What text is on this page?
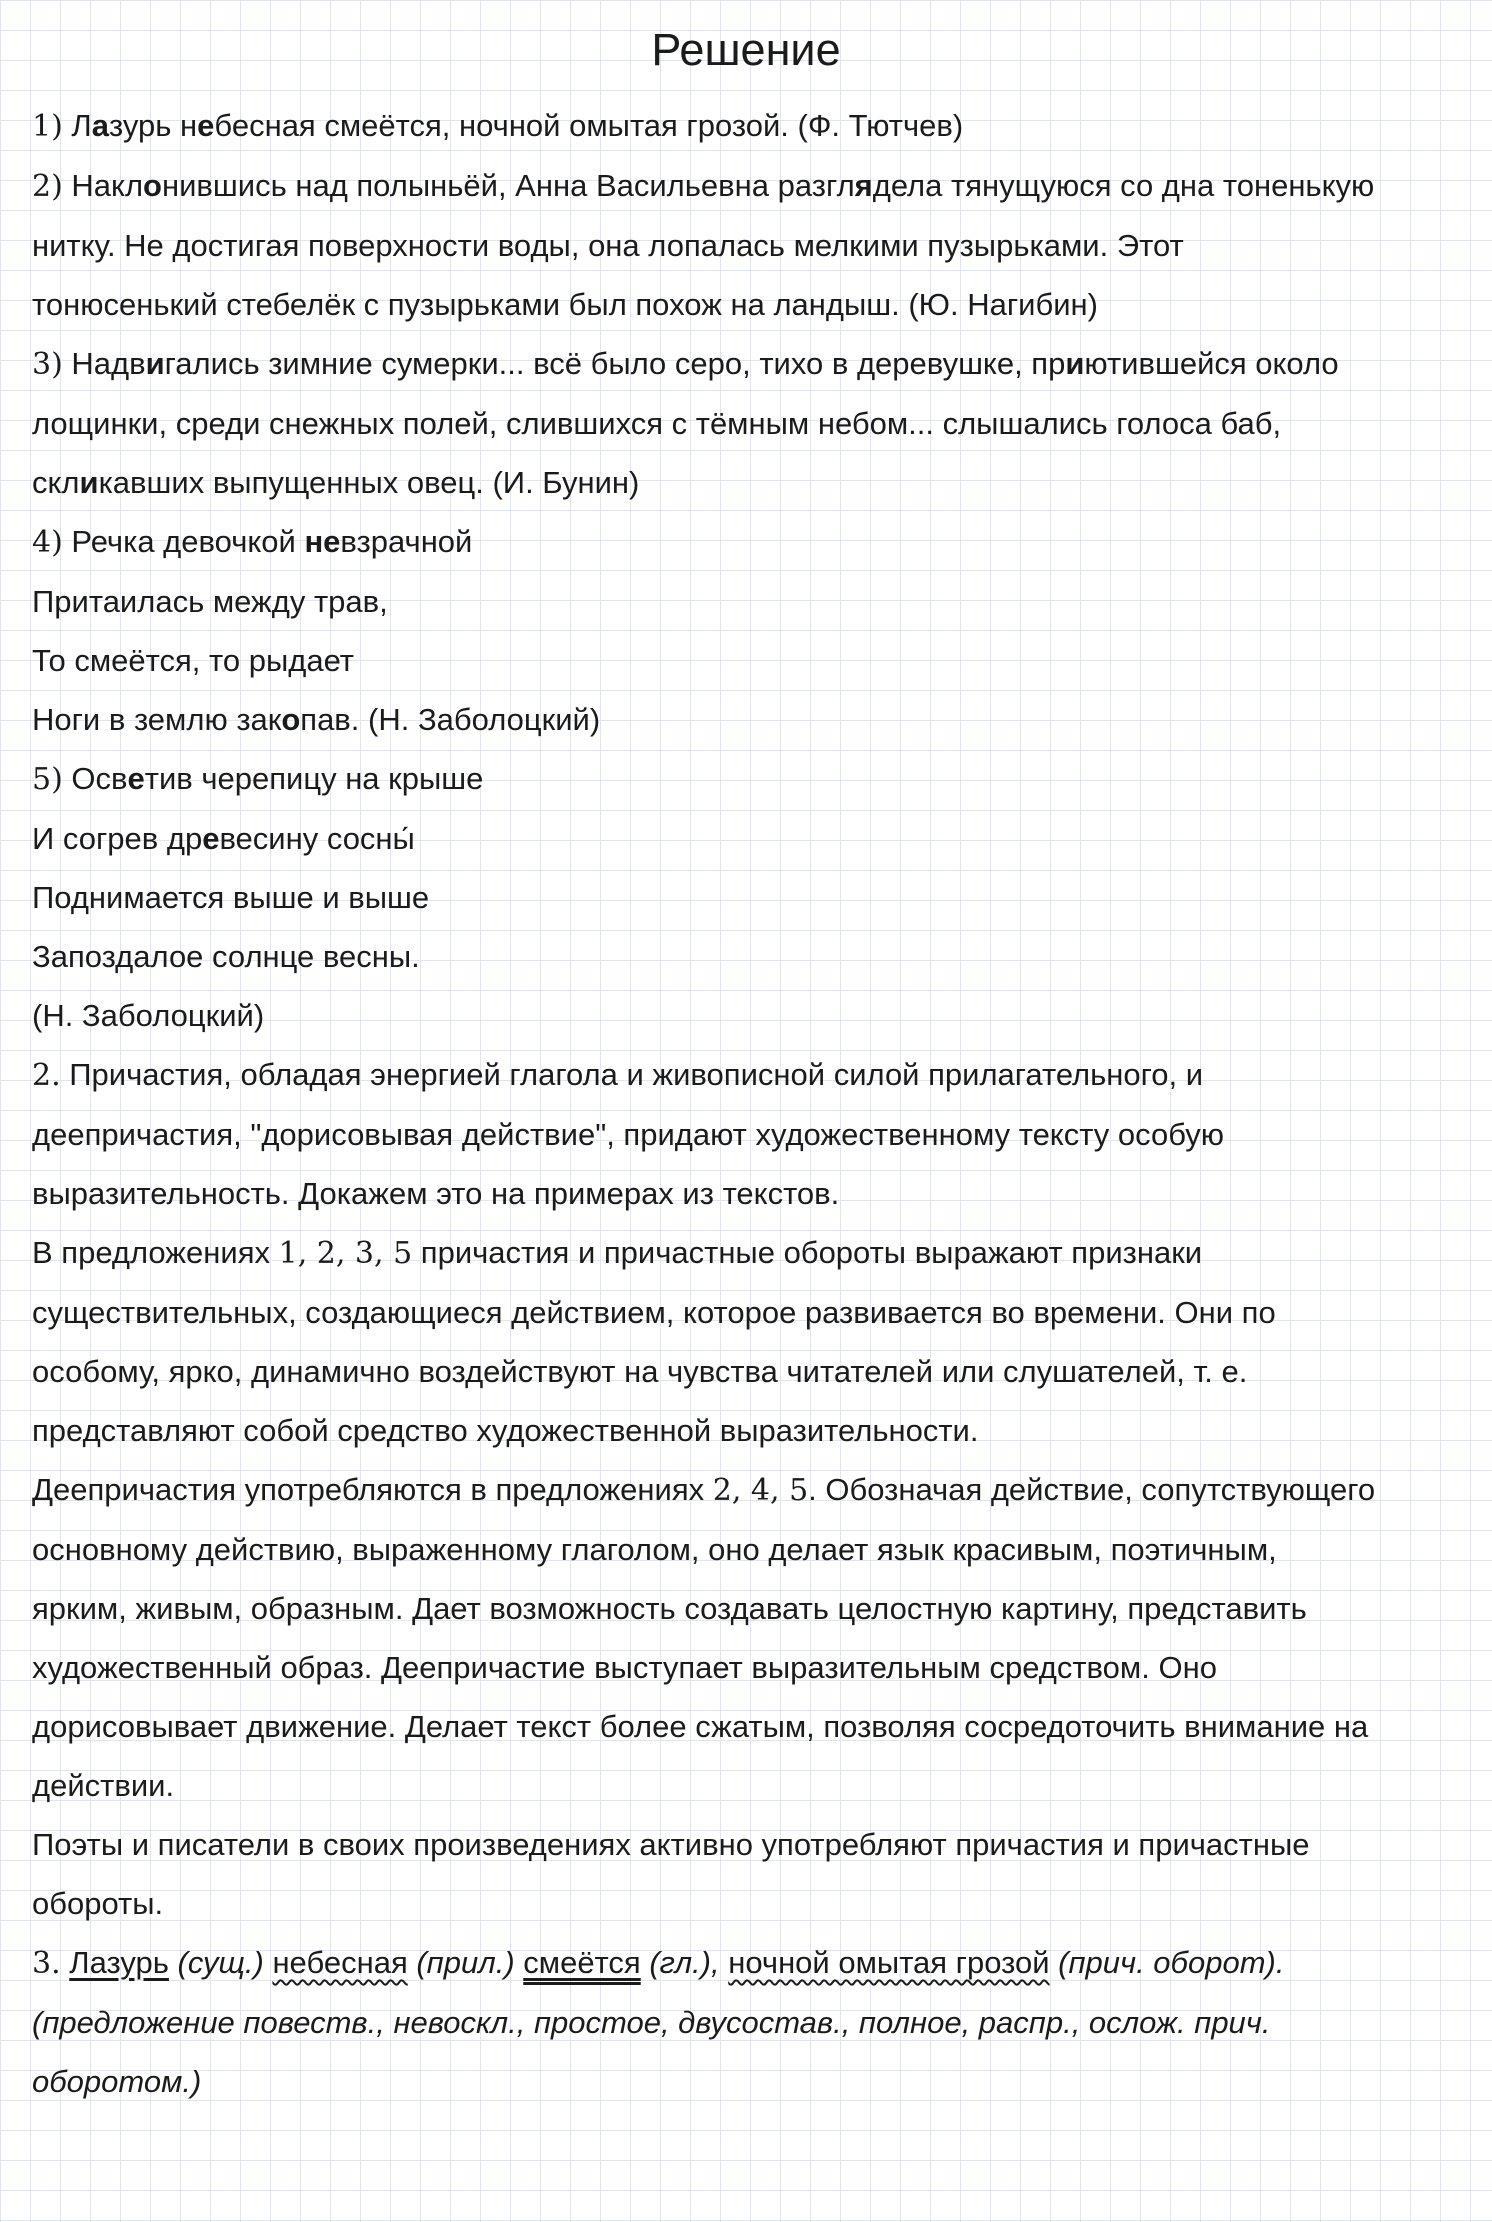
Решение
1) Лазурь небесная смеётся, ночной омытая грозой. (Ф. Тютчев)
2) Наклонившись над полыньёй, Анна Васильевна разглядела тянущуюся со дна тоненькую
нитку. Не достигая поверхности воды, она лопалась мелкими пузырьками. Этот
тонюсенький стебелёк с пузырьками был похож на ландыш. (Ю. Нагибин)
3) Надвигались зимние сумерки... всё было серо, тихо в деревушке, приютившейся около
лощинки, среди снежных полей, слившихся с тёмным небом... слышались голоса баб,
скликавших выпущенных овец. (И. Бунин)
4) Речка девочкой невзрачной
Притаилась между трав,
То смеётся, то рыдает
Ноги в землю закопав. (Н. Заболоцкий)
5) Осветив черепицу на крыше
И согрев древесину сосны́
Поднимается выше и выше
Запоздалое солнце весны.
(Н. Заболоцкий)
2. Причастия, обладая энергией глагола и живописной силой прилагательного, и
деепричастия, "дорисовывая действие", придают художественному тексту особую
выразительность. Докажем это на примерах из текстов.
В предложениях 1, 2, 3, 5 причастия и причастные обороты выражают признаки
существительных, создающиеся действием, которое развивается во времени. Они по
особому, ярко, динамично воздействуют на чувства читателей или слушателей, т. е.
представляют собой средство художественной выразительности.
Деепричастия употребляются в предложениях 2, 4, 5. Обозначая действие, сопутствующего
основному действию, выраженному глаголом, оно делает язык красивым, поэтичным,
ярким, живым, образным. Дает возможность создавать целостную картину, представить
художественный образ. Деепричастие выступает выразительным средством. Оно
дорисовывает движение. Делает текст более сжатым, позволяя сосредоточить внимание на
действии.
Поэты и писатели в своих произведениях активно употребляют причастия и причастные
обороты.
3. Лазурь (сущ.) небесная (прил.) смеётся (гл.), ночной омытая грозой (прич. оборот).
(предложение повеств., невоскл., простое, двусостав., полное, распр., ослож. прич.
оборотом.)
